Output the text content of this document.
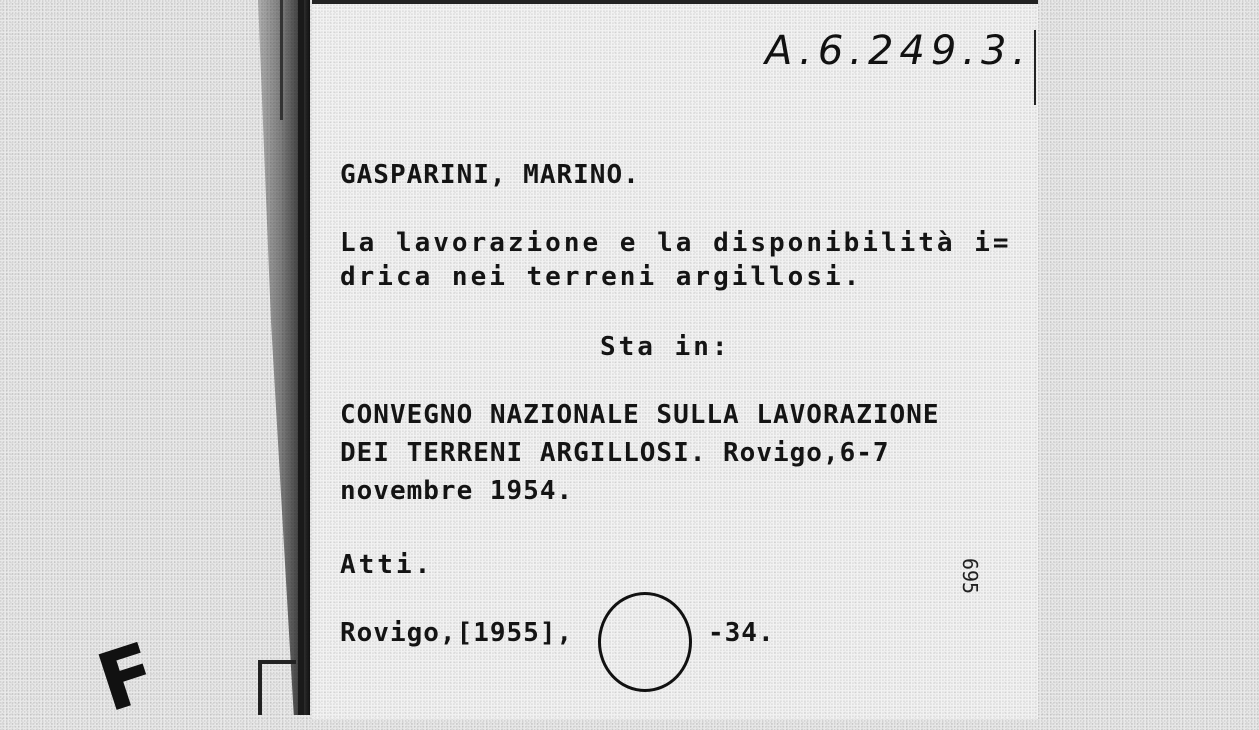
A.6.249.3.
GASPARINI, MARINO.
La lavorazione e la disponibilità i=
drica nei terreni argillosi.
Sta in:
CONVEGNO NAZIONALE SULLA LAVORAZIONE
DEI TERRENI ARGILLOSI. Rovigo,6-7
novembre 1954.
Atti.
Rovigo,[1955],	-34.
695
F
